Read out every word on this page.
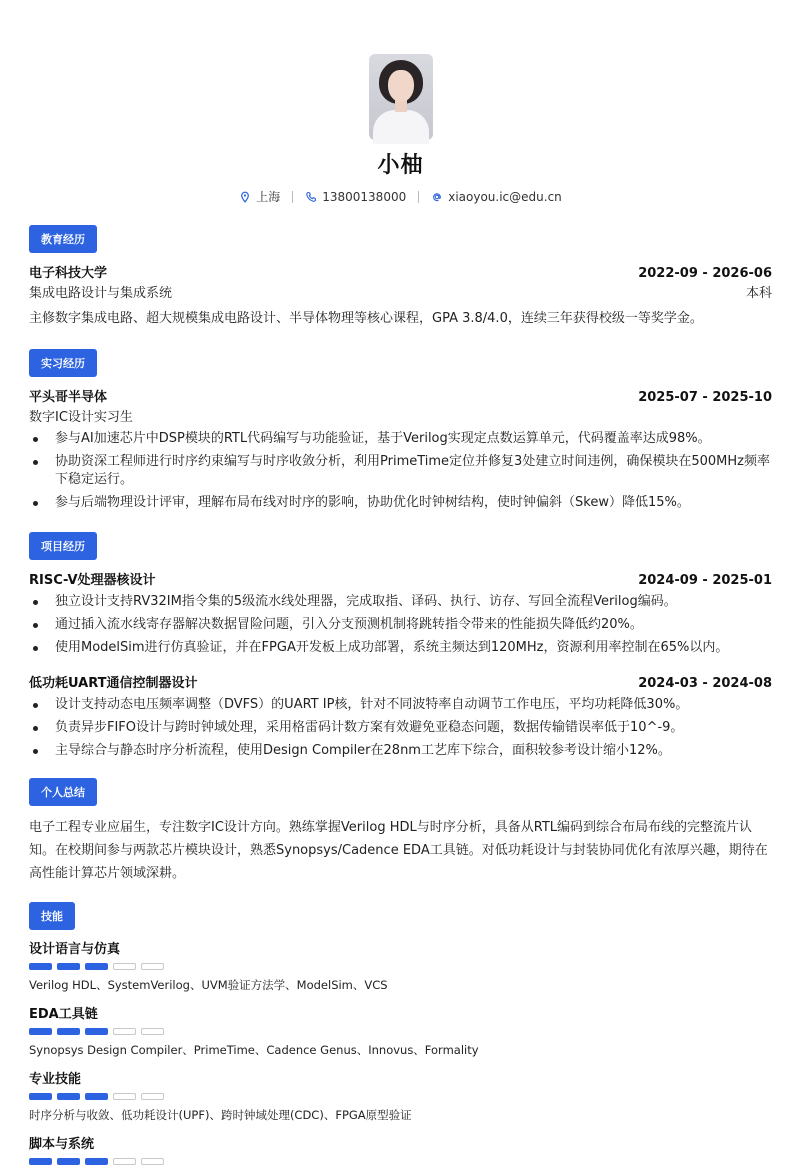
小柚
上海	13800138000	xiaoyou.ic@edu.cn
教育经历
电子科技大学	2022-09 - 2026-06
集成电路设计与集成系统	本科
主修数字集成电路、超大规模集成电路设计、半导体物理等核心课程，GPA 3.8/4.0，连续三年获得校级一等奖学金。
实习经历
平头哥半导体	2025-07 - 2025-10
数字IC设计实习生
参与AI加速芯片中DSP模块的RTL代码编写与功能验证，基于Verilog实现定点数运算单元，代码覆盖率达成98%。
协助资深工程师进行时序约束编写与时序收敛分析，利用PrimeTime定位并修复3处建立时间违例，确保模块在500MHz频率下稳定运行。
参与后端物理设计评审，理解布局布线对时序的影响，协助优化时钟树结构，使时钟偏斜（Skew）降低15%。
项目经历
RISC-V处理器核设计	2024-09 - 2025-01
独立设计支持RV32IM指令集的5级流水线处理器，完成取指、译码、执行、访存、写回全流程Verilog编码。
通过插入流水线寄存器解决数据冒险问题，引入分支预测机制将跳转指令带来的性能损失降低约20%。
使用ModelSim进行仿真验证，并在FPGA开发板上成功部署，系统主频达到120MHz，资源利用率控制在65%以内。
低功耗UART通信控制器设计	2024-03 - 2024-08
设计支持动态电压频率调整（DVFS）的UART IP核，针对不同波特率自动调节工作电压，平均功耗降低30%。
负责异步FIFO设计与跨时钟域处理，采用格雷码计数方案有效避免亚稳态问题，数据传输错误率低于10^-9。
主导综合与静态时序分析流程，使用Design Compiler在28nm工艺库下综合，面积较参考设计缩小12%。
个人总结
电子工程专业应届生，专注数字IC设计方向。熟练掌握Verilog HDL与时序分析，具备从RTL编码到综合布局布线的完整流片认知。在校期间参与两款芯片模块设计，熟悉Synopsys/Cadence EDA工具链。对低功耗设计与封装协同优化有浓厚兴趣，期待在高性能计算芯片领域深耕。
技能
设计语言与仿真
Verilog HDL、SystemVerilog、UVM验证方法学、ModelSim、VCS
EDA工具链
Synopsys Design Compiler、PrimeTime、Cadence Genus、Innovus、Formality
专业技能
时序分析与收敛、低功耗设计(UPF)、跨时钟域处理(CDC)、FPGA原型验证
脚本与系统
